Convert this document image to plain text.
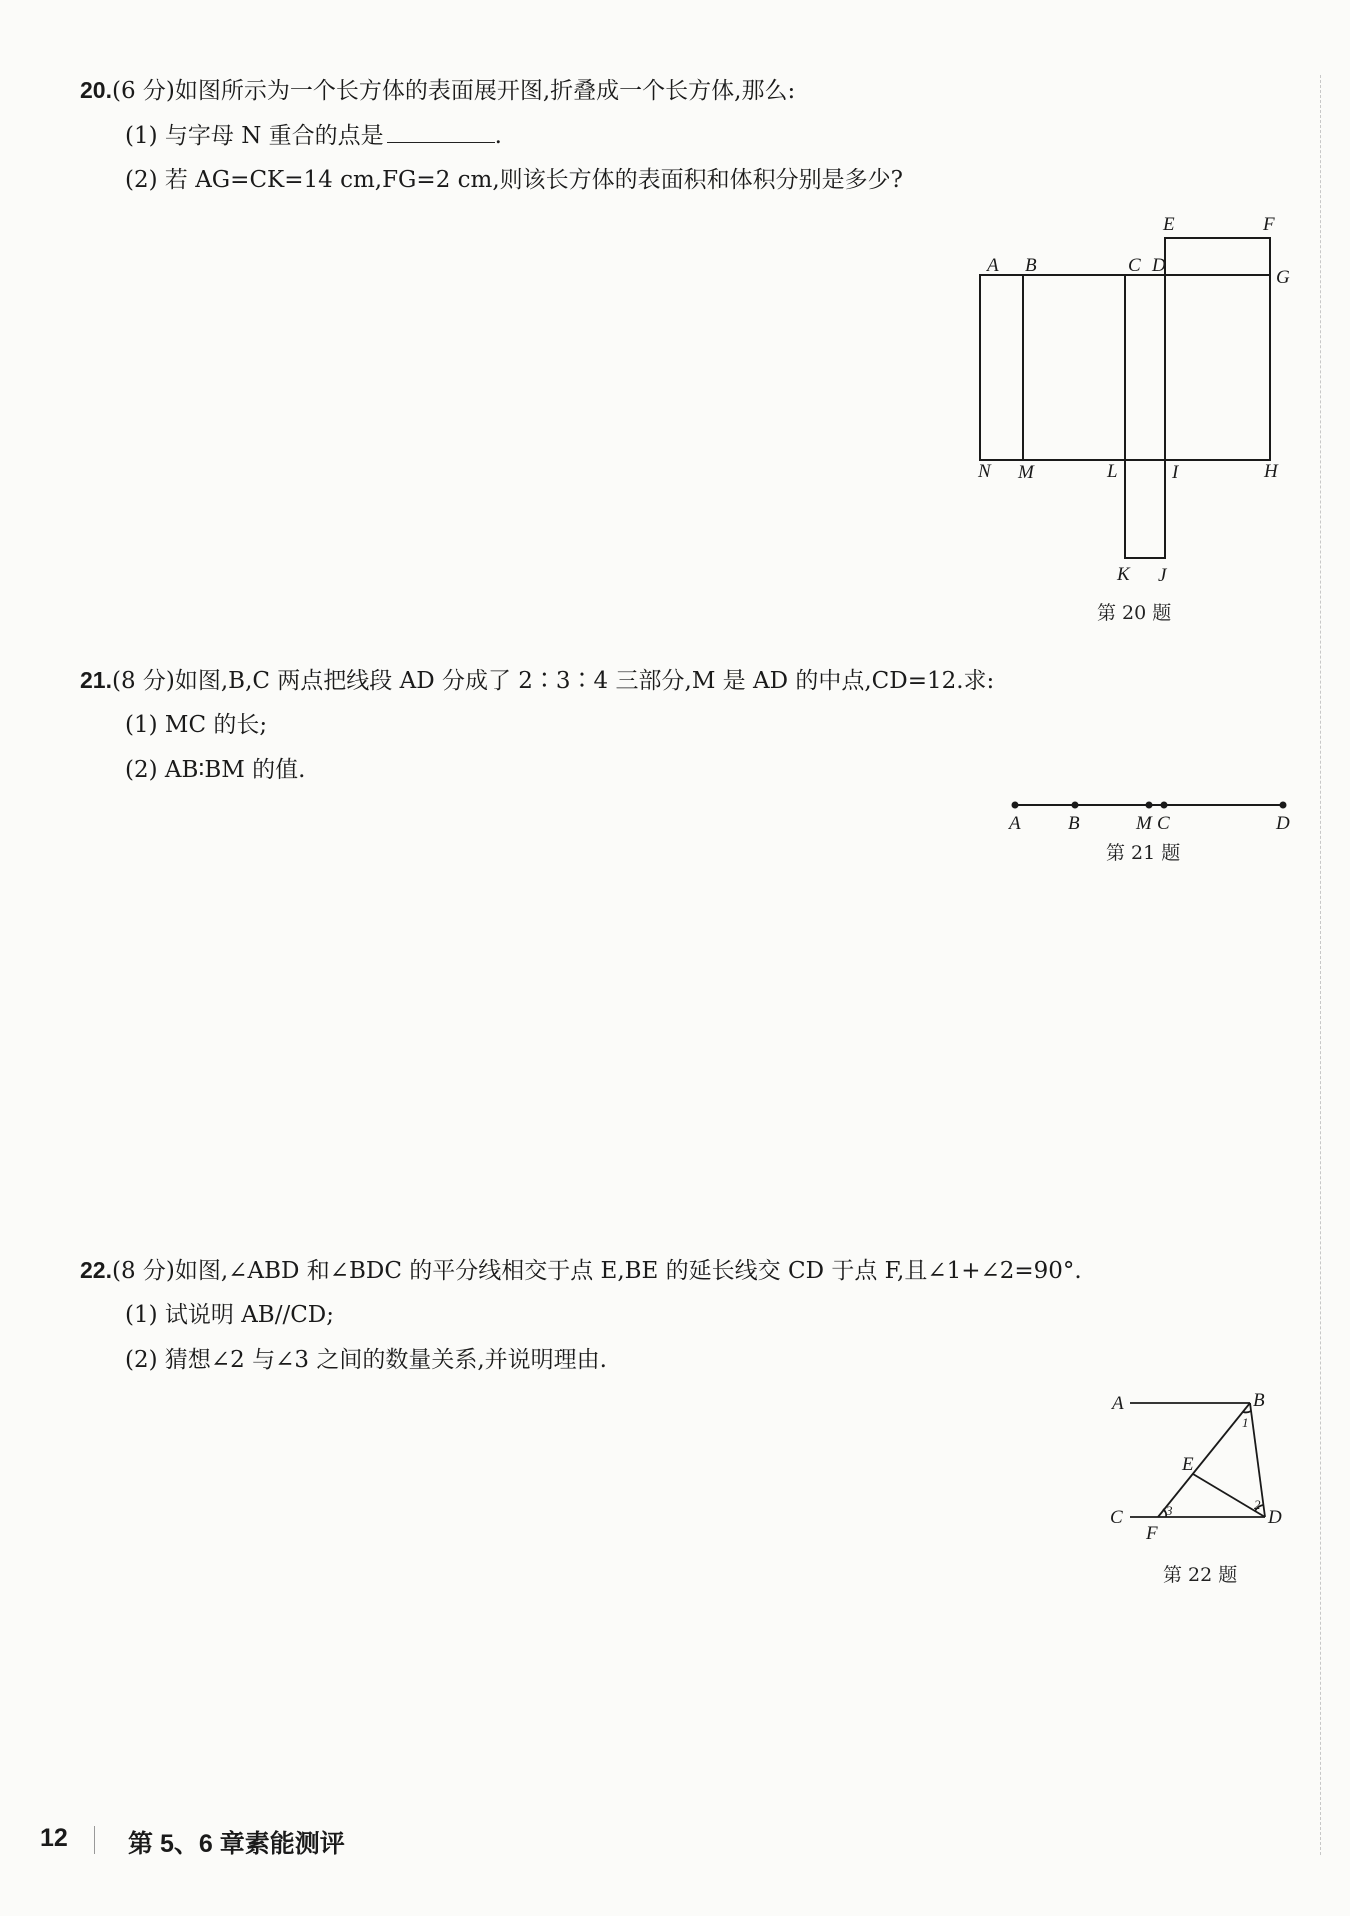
20.(6 分)如图所示为一个长方体的表面展开图,折叠成一个长方体,那么:
(1) 与字母 N 重合的点是	.
(2) 若 AG=CK=14 cm,FG=2 cm,则该长方体的表面积和体积分别是多少?
A B	C D
E	F
G
N M	L	I	H
K J
第 20 题
21.(8 分)如图,B,C 两点把线段 AD 分成了 2∶3∶4 三部分,M 是 AD 的中点,CD=12.求:
(1) MC 的长;
(2) AB∶BM 的值.
A B	M C	D
第 21 题
22.(8 分)如图,∠ABD 和∠BDC 的平分线相交于点 E,BE 的延长线交 CD 于点 F,且∠1+∠2=90°.
(1) 试说明 AB//CD;
(2) 猜想∠2 与∠3 之间的数量关系,并说明理由.
A	B
C	D
E
F
1
2
3
第 22 题
12 第 5、6 章素能测评
